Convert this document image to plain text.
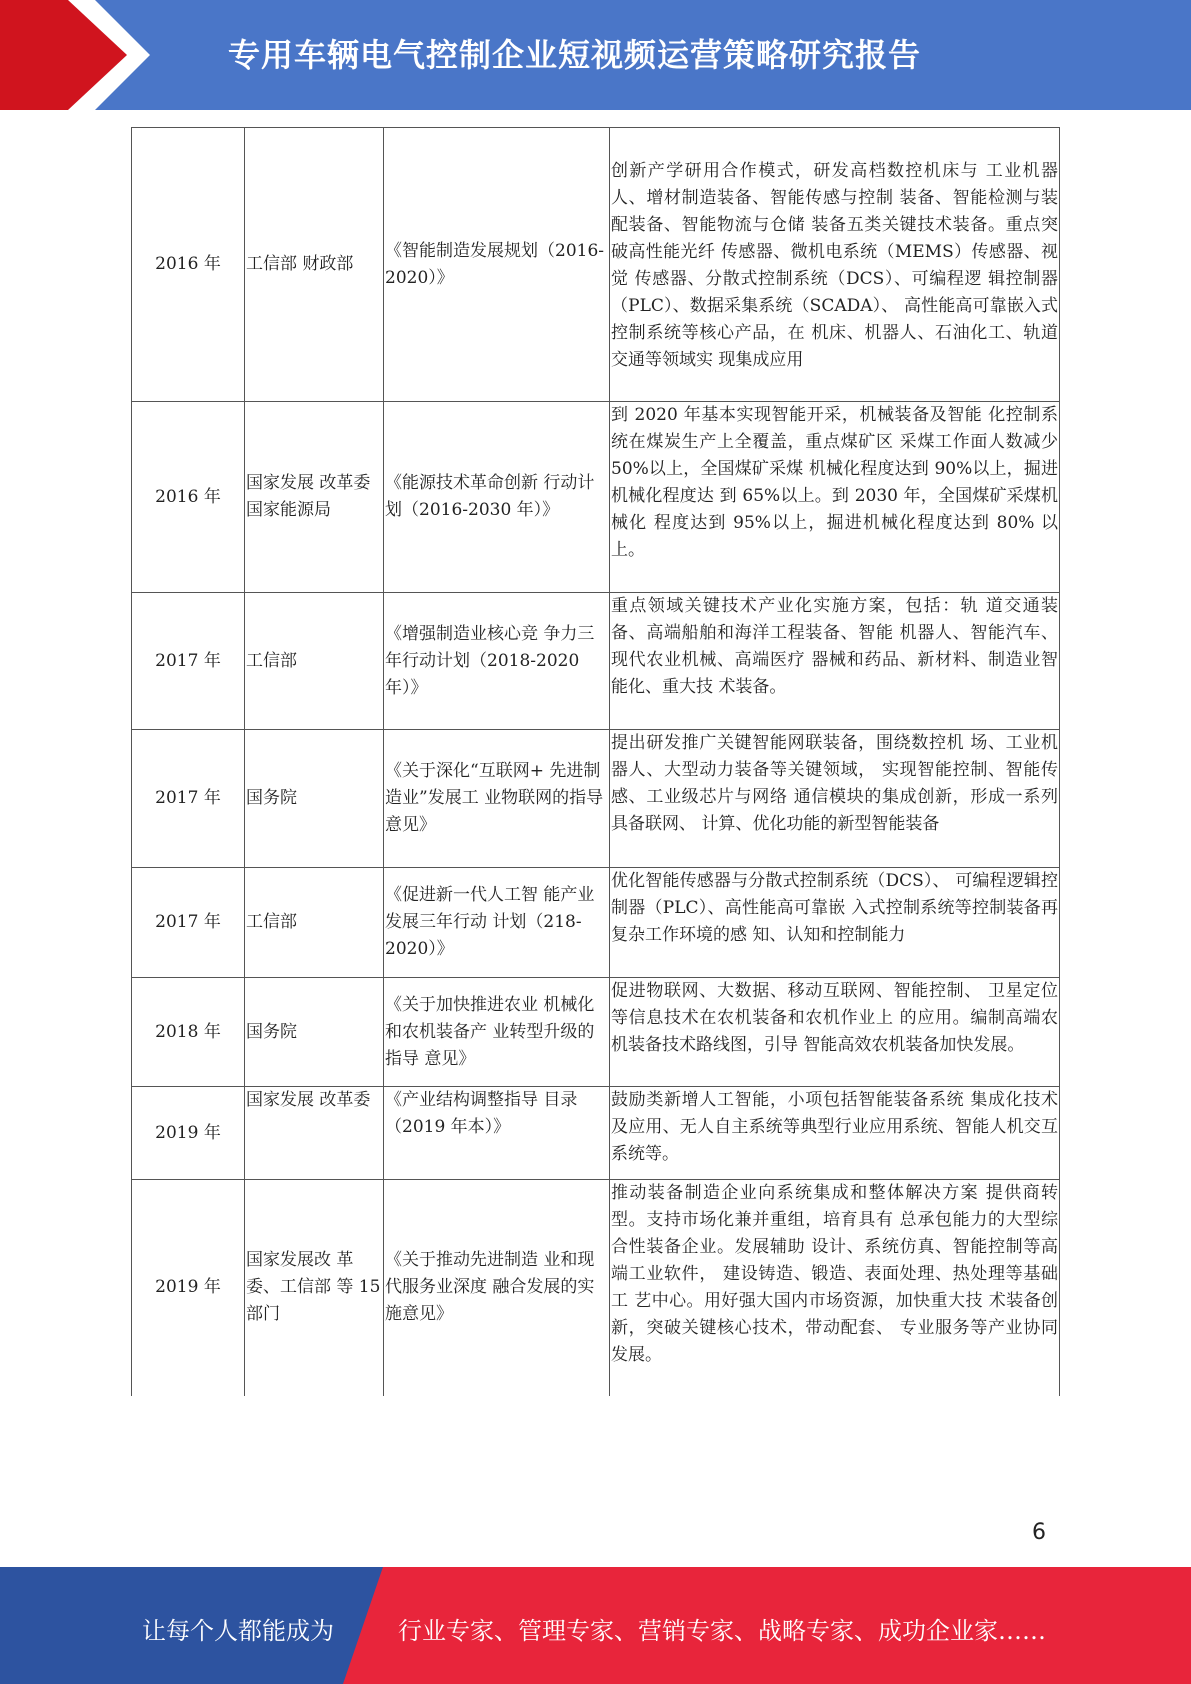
专用车辆电气控制企业短视频运营策略研究报告
2016 年	工信部 财政部	《智能制造发展规划（2016-2020）》	创新产学研用合作模式，研发高档数控机床与 工业机器人、增材制造装备、智能传感与控制 装备、智能检测与装配装备、智能物流与仓储 装备五类关键技术装备。重点突破高性能光纤 传感器、微机电系统（MEMS）传感器、视觉 传感器、分散式控制系统（DCS）、可编程逻 辑控制器（PLC）、数据采集系统（SCADA）、 高性能高可靠嵌入式控制系统等核心产品，在 机床、机器人、石油化工、轨道交通等领域实 现集成应用
2016 年	国家发展 改革委 国家能源局	《能源技术革命创新 行动计划（2016-2030 年）》	到 2020 年基本实现智能开采，机械装备及智能 化控制系统在煤炭生产上全覆盖，重点煤矿区 采煤工作面人数减少 50%以上，全国煤矿采煤 机械化程度达到 90%以上，掘进机械化程度达 到 65%以上。到 2030 年，全国煤矿采煤机械化 程度达到 95%以上，掘进机械化程度达到 80% 以上。
2017 年	工信部	《增强制造业核心竞 争力三年行动计划（2018-2020 年）》	重点领域关键技术产业化实施方案，包括：轨 道交通装备、高端船舶和海洋工程装备、智能 机器人、智能汽车、现代农业机械、高端医疗 器械和药品、新材料、制造业智能化、重大技 术装备。
2017 年	国务院	《关于深化“互联网+ 先进制造业”发展工 业物联网的指导意见》	提出研发推广关键智能网联装备，围绕数控机 场、工业机器人、大型动力装备等关键领域， 实现智能控制、智能传感、工业级芯片与网络 通信模块的集成创新，形成一系列具备联网、 计算、优化功能的新型智能装备
2017 年	工信部	《促进新一代人工智 能产业发展三年行动 计划（218-2020）》	优化智能传感器与分散式控制系统（DCS）、 可编程逻辑控制器（PLC）、高性能高可靠嵌 入式控制系统等控制装备再复杂工作环境的感 知、认知和控制能力
2018 年	国务院	《关于加快推进农业 机械化和农机装备产 业转型升级的指导 意见》	促进物联网、大数据、移动互联网、智能控制、 卫星定位等信息技术在农机装备和农机作业上 的应用。编制高端农机装备技术路线图，引导 智能高效农机装备加快发展。
2019 年	国家发展 改革委	《产业结构调整指导 目录（2019 年本）》	鼓励类新增人工智能，小项包括智能装备系统 集成化技术及应用、无人自主系统等典型行业应用系统、智能人机交互系统等。
2019 年	国家发展改 革委、工信部 等 15 部门	《关于推动先进制造 业和现代服务业深度 融合发展的实施意见》	推动装备制造企业向系统集成和整体解决方案 提供商转型。支持市场化兼并重组，培育具有 总承包能力的大型综合性装备企业。发展辅助 设计、系统仿真、智能控制等高端工业软件， 建设铸造、锻造、表面处理、热处理等基础工 艺中心。用好强大国内市场资源，加快重大技 术装备创新，突破关键核心技术，带动配套、 专业服务等产业协同发展。
6
让每个人都能成为	行业专家、管理专家、营销专家、战略专家、成功企业家……
